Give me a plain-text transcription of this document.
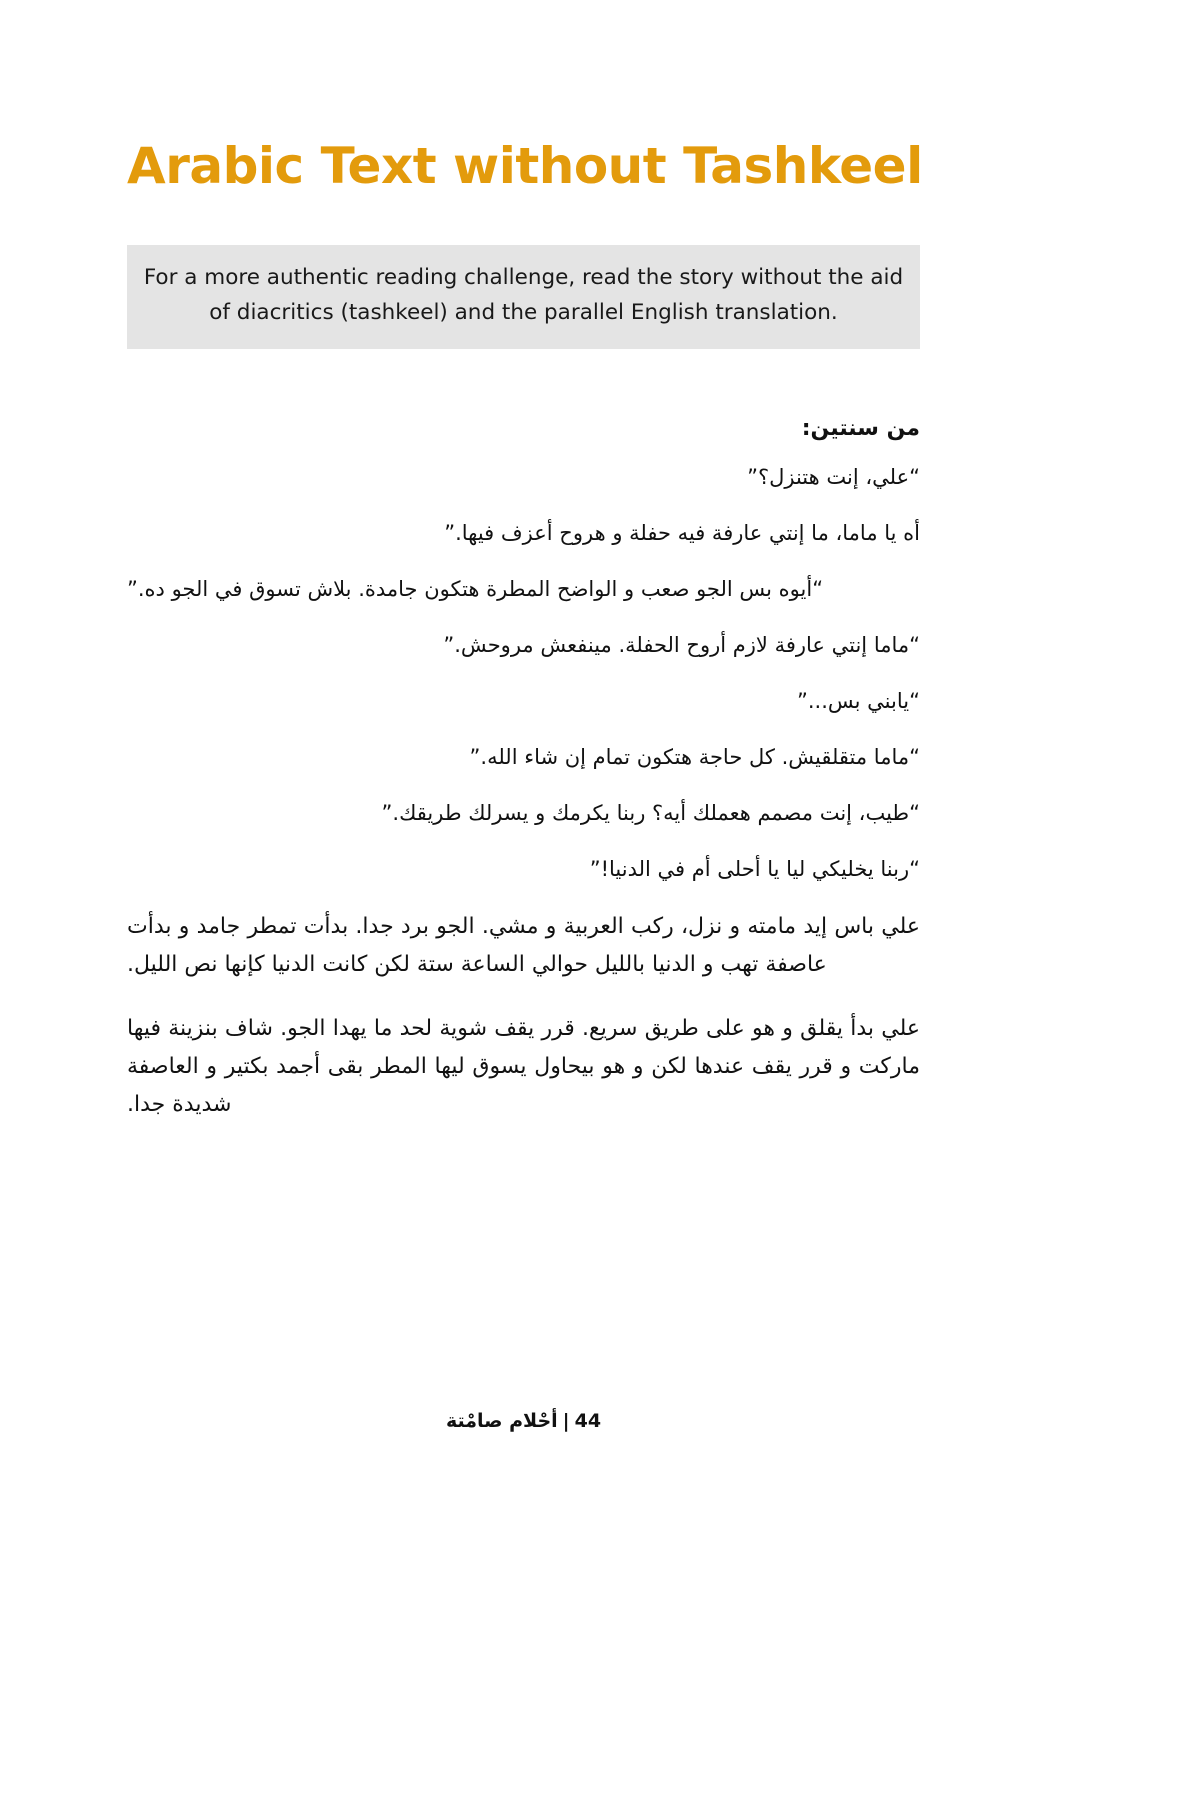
Arabic Text without Tashkeel

For a more authentic reading challenge, read the story without the aid of diacritics (tashkeel) and the parallel English translation.

من سنتين:

“علي، إنت هتنزل؟”

أه يا ماما، ما إنتي عارفة فيه حفلة و هروح أعزف فيها.”

“أيوه بس الجو صعب و الواضح المطرة هتكون جامدة. بلاش تسوق في الجو ده.”

“ماما إنتي عارفة لازم أروح الحفلة. مينفعش مروحش.”

“يابني بس...”

“ماما متقلقيش. كل حاجة هتكون تمام إن شاء الله.”

“طيب، إنت مصمم هعملك أيه؟ ربنا يكرمك و يسرلك طريقك.”

“ربنا يخليكي ليا يا أحلى أم في الدنيا!”

علي باس إيد مامته و نزل، ركب العربية و مشي. الجو برد جدا. بدأت تمطر جامد و بدأت عاصفة تهب و الدنيا بالليل حوالي الساعة ستة لكن كانت الدنيا كإنها نص الليل.

علي بدأ يقلق و هو على طريق سريع. قرر يقف شوية لحد ما يهدا الجو. شاف بنزينة فيها ماركت و قرر يقف عندها لكن و هو بيحاول يسوق ليها المطر بقى أجمد بكتير و العاصفة شديدة جدا.

44|أحْلام صامْتة
